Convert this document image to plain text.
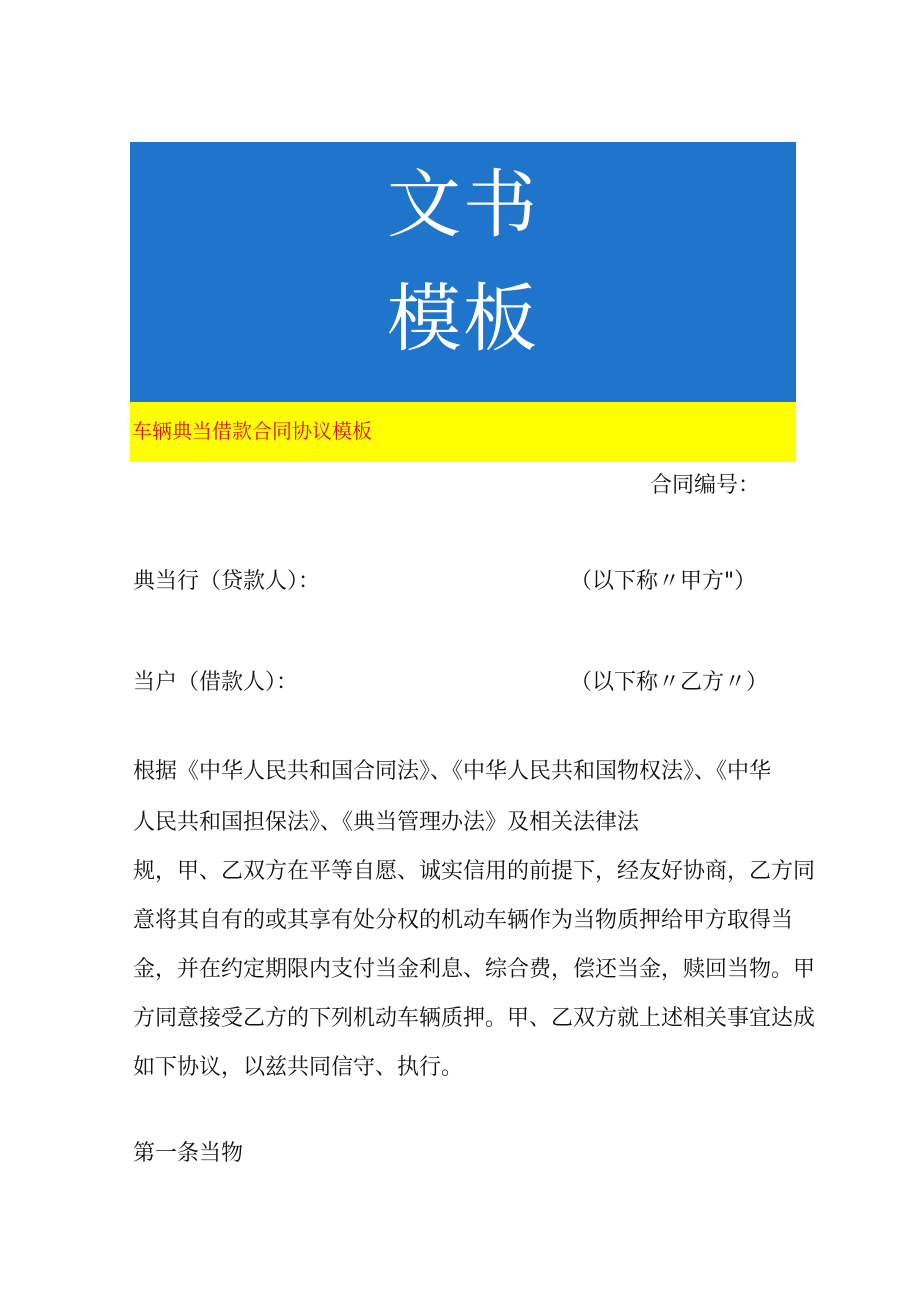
文书
模板
车辆典当借款合同协议模板
合同编号：
典当行（贷款人）：	（以下称〃甲方"）
当户（借款人）：	（以下称〃乙方〃）
根据《中华人民共和国合同法》、《中华人民共和国物权法》、《中华
人民共和国担保法》、《典当管理办法》及相关法律法
规，甲、乙双方在平等自愿、诚实信用的前提下，经友好协商，乙方同
意将其自有的或其享有处分权的机动车辆作为当物质押给甲方取得当
金，并在约定期限内支付当金利息、综合费，偿还当金，赎回当物。甲
方同意接受乙方的下列机动车辆质押。甲、乙双方就上述相关事宜达成
如下协议，以兹共同信守、执行。
第一条当物
